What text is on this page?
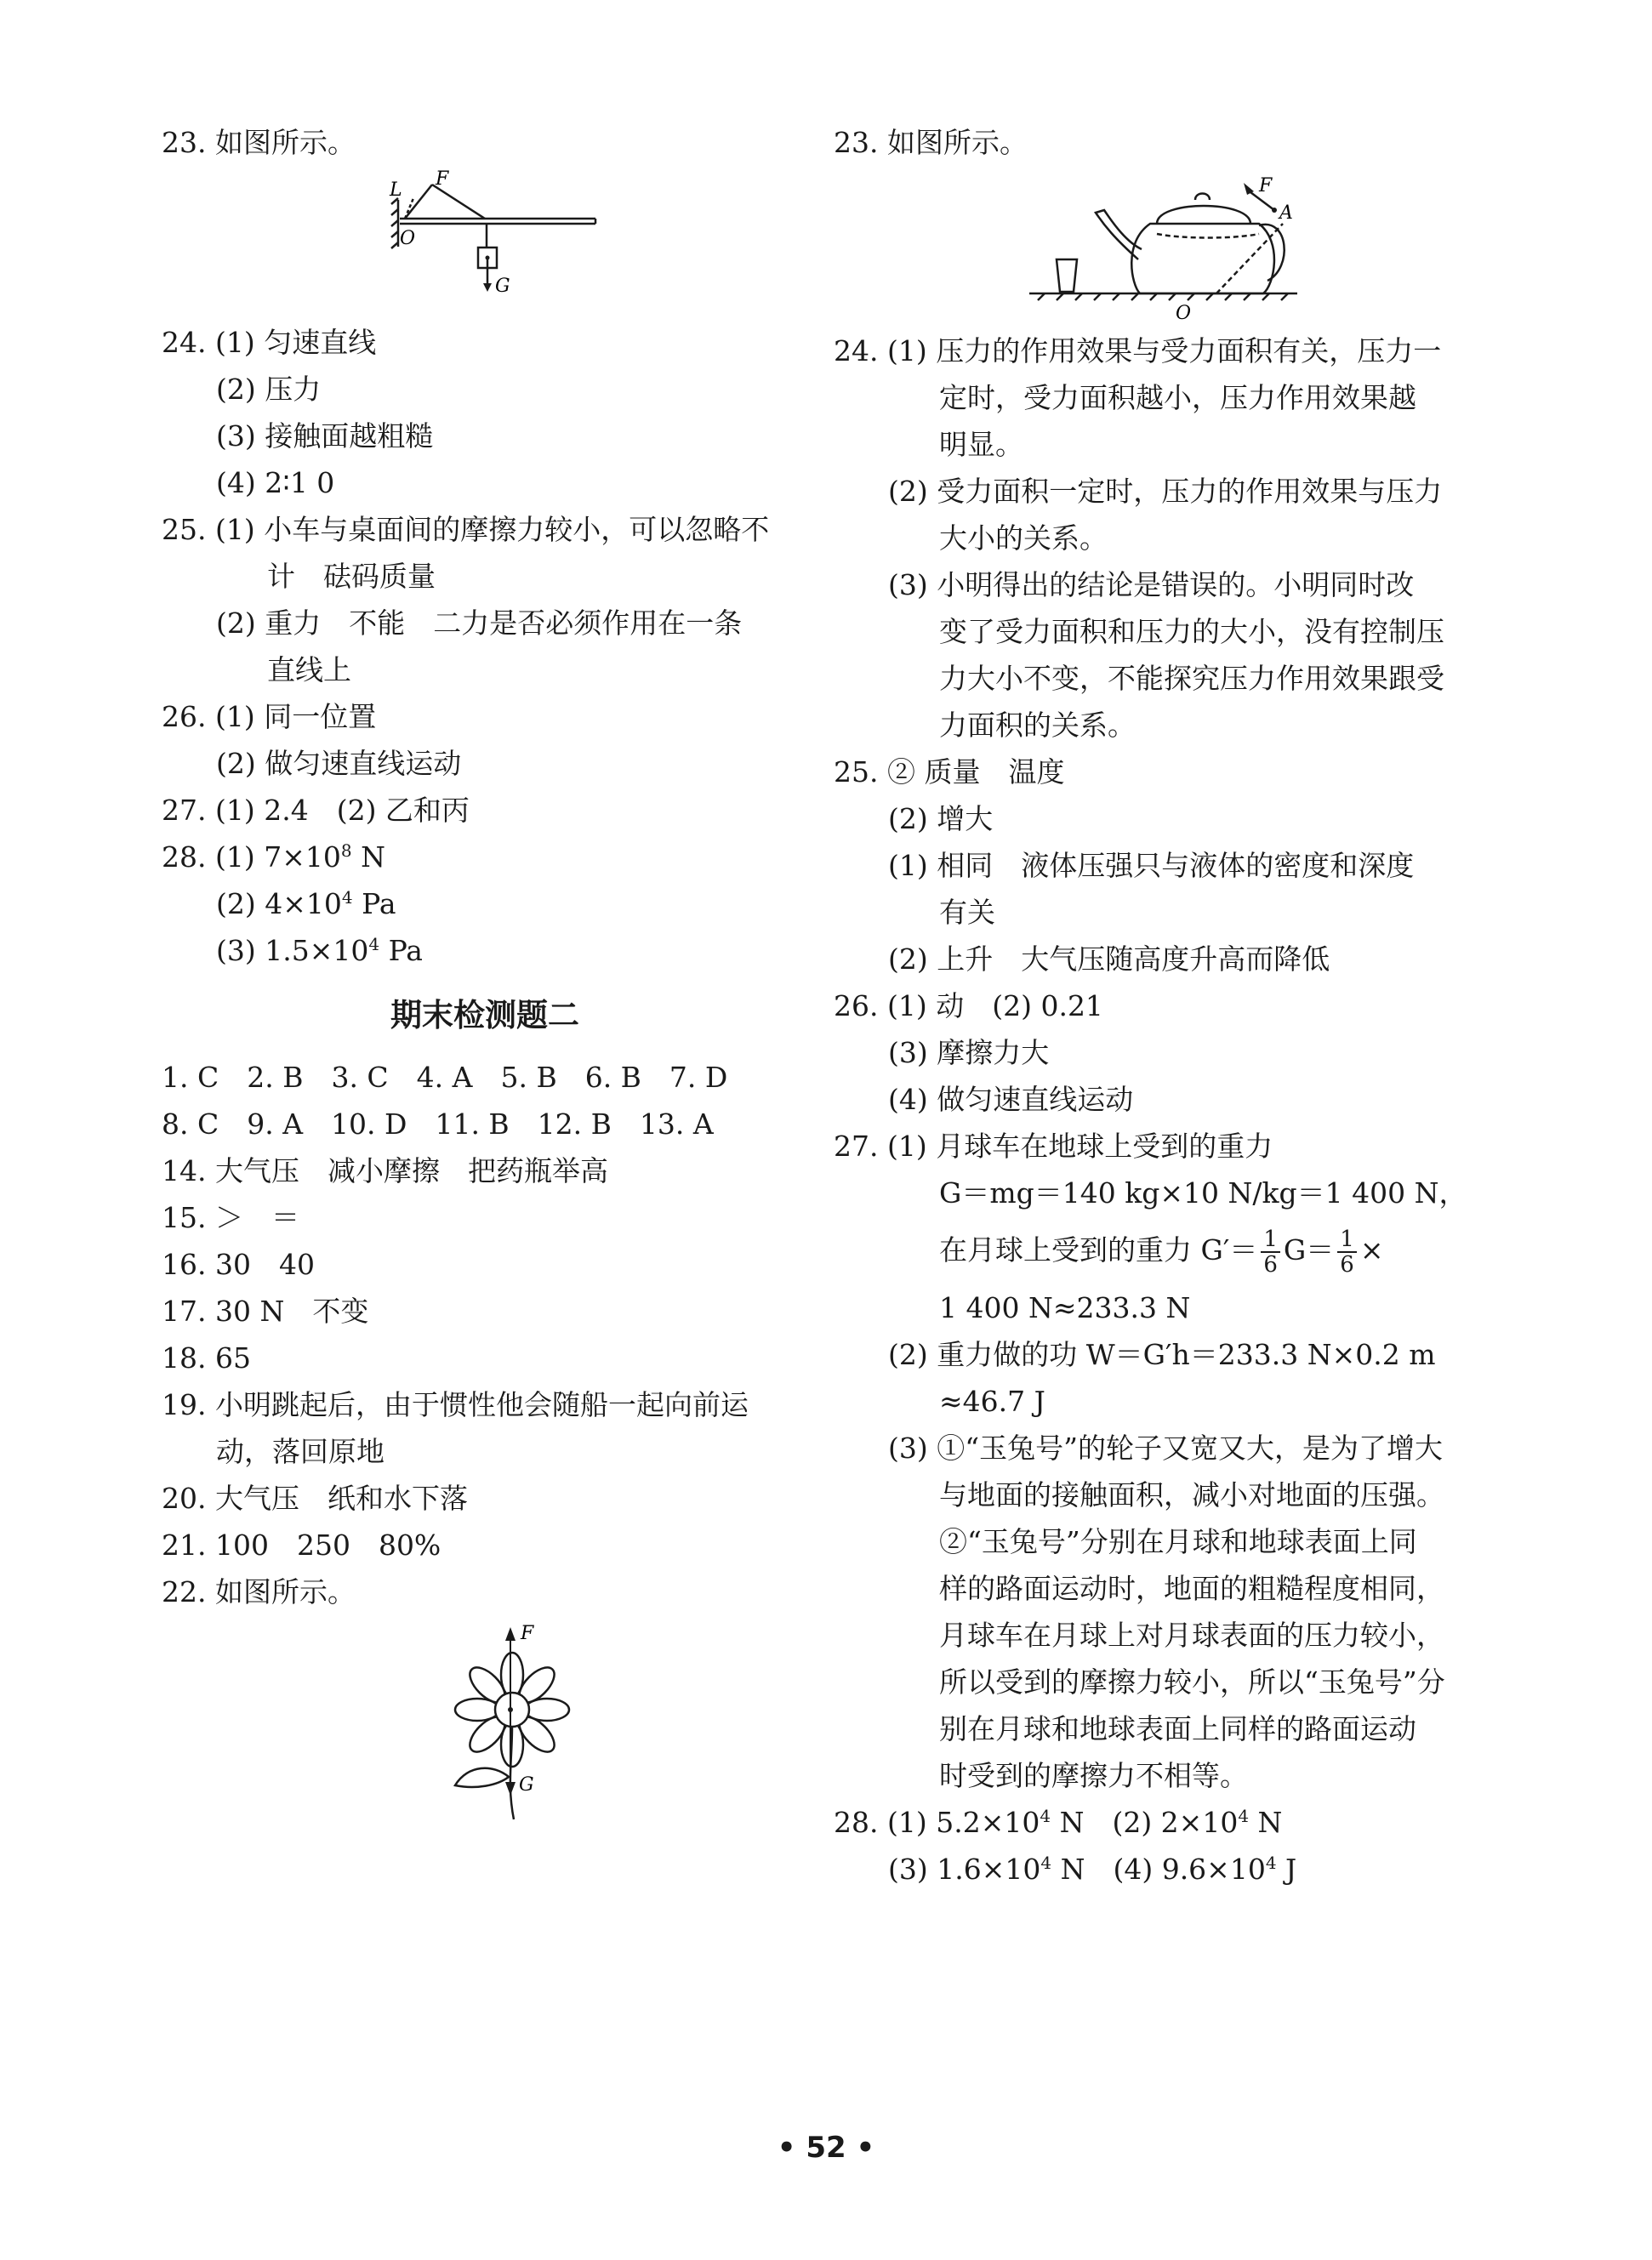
23. 如图所示。
L
F
O
G
24. (1) 匀速直线
(2) 压力
(3) 接触面越粗糙
(4) 2∶1 0
25. (1) 小车与桌面间的摩擦力较小，可以忽略不
计　砝码质量
(2) 重力　不能　二力是否必须作用在一条
直线上
26. (1) 同一位置
(2) 做匀速直线运动
27. (1) 2.4　(2) 乙和丙
28. (1) $7\times 10^8$ N
(2) $4\times 10^4$ Pa
(3) $1.5\times 10^4$ Pa
期末检测题二
1. C　2. B　3. C　4. A　5. B　6. B　7. D
8. C　9. A　10. D　11. B　12. B　13. A
14. 大气压　减小摩擦　把药瓶举高
15. ＞　＝
16. 30　40
17. 30 N　不变
18. 65
19. 小明跳起后，由于惯性他会随船一起向前运
动，落回原地
20. 大气压　纸和水下落
21. 100　250　80%
22. 如图所示。
F
G
23. 如图所示。
F
A
O
24. (1) 压力的作用效果与受力面积有关，压力一
定时，受力面积越小，压力作用效果越
明显。
(2) 受力面积一定时，压力的作用效果与压力
大小的关系。
(3) 小明得出的结论是错误的。小明同时改
变了受力面积和压力的大小，没有控制压
力大小不变，不能探究压力作用效果跟受
力面积的关系。
25. ② 质量　温度
(2) 增大
(1) 相同　液体压强只与液体的密度和深度
有关
(2) 上升　大气压随高度升高而降低
26. (1) 动　(2) 0.21
(3) 摩擦力大
(4) 做匀速直线运动
27. (1) 月球车在地球上受到的重力
G＝mg＝140 kg×10 N/kg＝1 400 N，
在月球上受到的重力 $G'= \frac{1}{6} G= \frac{1}{6}$ ×
1 400 N≈233.3 N
(2) 重力做的功 W＝G′h＝233.3 N×0.2 m
≈46.7 J
(3) ①“玉兔号”的轮子又宽又大，是为了增大
与地面的接触面积，减小对地面的压强。
②“玉兔号”分别在月球和地球表面上同
样的路面运动时，地面的粗糙程度相同，
月球车在月球上对月球表面的压力较小，
所以受到的摩擦力较小，所以“玉兔号”分
别在月球和地球表面上同样的路面运动
时受到的摩擦力不相等。
28. (1) $5.2\times 10^4$ N　(2) $2\times 10^4$ N
(3) $1.6\times 10^4$ N　(4) $9.6\times 10^4$ J
• 52 •
